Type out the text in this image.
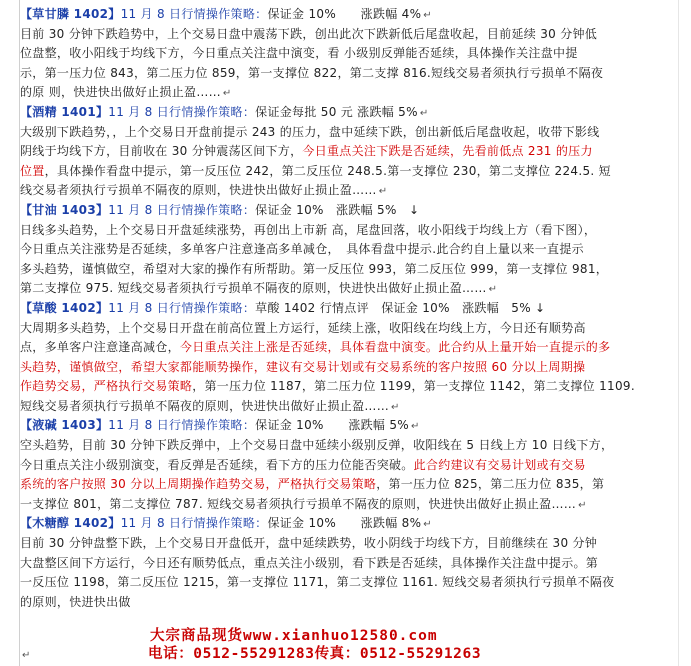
【草甘膦 1402】11 月 8 日行情操作策略：保证金 10%　　涨跌幅 4% ↵
目前 30 分钟下跌趋势中，上个交易日盘中震荡下跌，创出此次下跌新低后尾盘收起，目前延续 30 分钟低
位盘整，收小阳线于均线下方，今日重点关注盘中演变，看 小级别反弹能否延续，具体操作关注盘中提
示，第一压力位 843，第二压力位 859，第一支撑位 822，第二支撑 816.短线交易者须执行亏损单不隔夜
的原 则，快进快出做好止损止盈…… ↵
【酒精 1401】11 月 8 日行情操作策略：保证金每批 50 元 涨跌幅 5% ↵
大级别下跌趋势，，上个交易日开盘前提示 243 的压力，盘中延续下跌，创出新低后尾盘收起，收带下影线
阴线于均线下方，目前收在 30 分钟震荡区间下方，今日重点关注下跌是否延续，先看前低点 231 的压力
位置，具体操作看盘中提示，第一反压位 242，第二反压位 248.5.第一支撑位 230，第二支撑位 224.5. 短
线交易者须执行亏损单不隔夜的原则，快进快出做好止损止盈…… ↵
【甘油 1403】11 月 8 日行情操作策略：保证金 10%　涨跌幅 5%　↓
日线多头趋势，上个交易日开盘延续涨势，再创出上市新 高，尾盘回落，收小阳线于均线上方（看下图），
今日重点关注涨势是否延续，多单客户注意逢高多单减仓，　具体看盘中提示.此合约自上量以来一直提示
多头趋势，谨慎做空，希望对大家的操作有所帮助。第一反压位 993，第二反压位 999，第一支撑位 981，
第二支撑位 975. 短线交易者须执行亏损单不隔夜的原则，快进快出做好止损止盈…… ↵
【草酸 1402】11 月 8 日行情操作策略：草酸 1402 行情点评　保证金 10%　涨跌幅　5% ↓
大周期多头趋势，上个交易日开盘在前高位置上方运行，延续上涨，收阳线在均线上方，今日还有顺势高
点，多单客户注意逢高减仓，今日重点关注上涨是否延续，具体看盘中演变。此合约从上量开始一直提示的多
头趋势，谨慎做空，希望大家都能顺势操作，建议有交易计划或有交易系统的客户按照 60 分以上周期操
作趋势交易，严格执行交易策略，第一压力位 1187，第二压力位 1199，第一支撑位 1142，第二支撑位 1109.
短线交易者须执行亏损单不隔夜的原则，快进快出做好止损止盈…… ↵
【液碱 1403】11 月 8 日行情操作策略：保证金 10%　　涨跌幅 5% ↵
空头趋势，目前 30 分钟下跌反弹中，上个交易日盘中延续小级别反弹，收阳线在 5 日线上方 10 日线下方，
今日重点关注小级别演变，看反弹是否延续，看下方的压力位能否突破。此合约建议有交易计划或有交易
系统的客户按照 30 分以上周期操作趋势交易，严格执行交易策略，第一压力位 825，第二压力位 835，第
一支撑位 801，第二支撑位 787. 短线交易者须执行亏损单不隔夜的原则，快进快出做好止损止盈…… ↵
【木糖醇 1402】11 月 8 日行情操作策略：保证金 10%　　涨跌幅 8% ↵
目前 30 分钟盘整下跌，上个交易日开盘低开，盘中延续跌势，收小阴线于均线下方，目前继续在 30 分钟
大盘整区间下方运行，今日还有顺势低点，重点关注小级别，看下跌是否延续，具体操作关注盘中提示。第
一反压位 1198，第二反压位 1215，第一支撑位 1171，第二支撑位 1161. 短线交易者须执行亏损单不隔夜
的原则，快进快出做
大宗商品现货www.xianhuo12580.com
电话：0512-55291283传真：0512-55291263
↵
